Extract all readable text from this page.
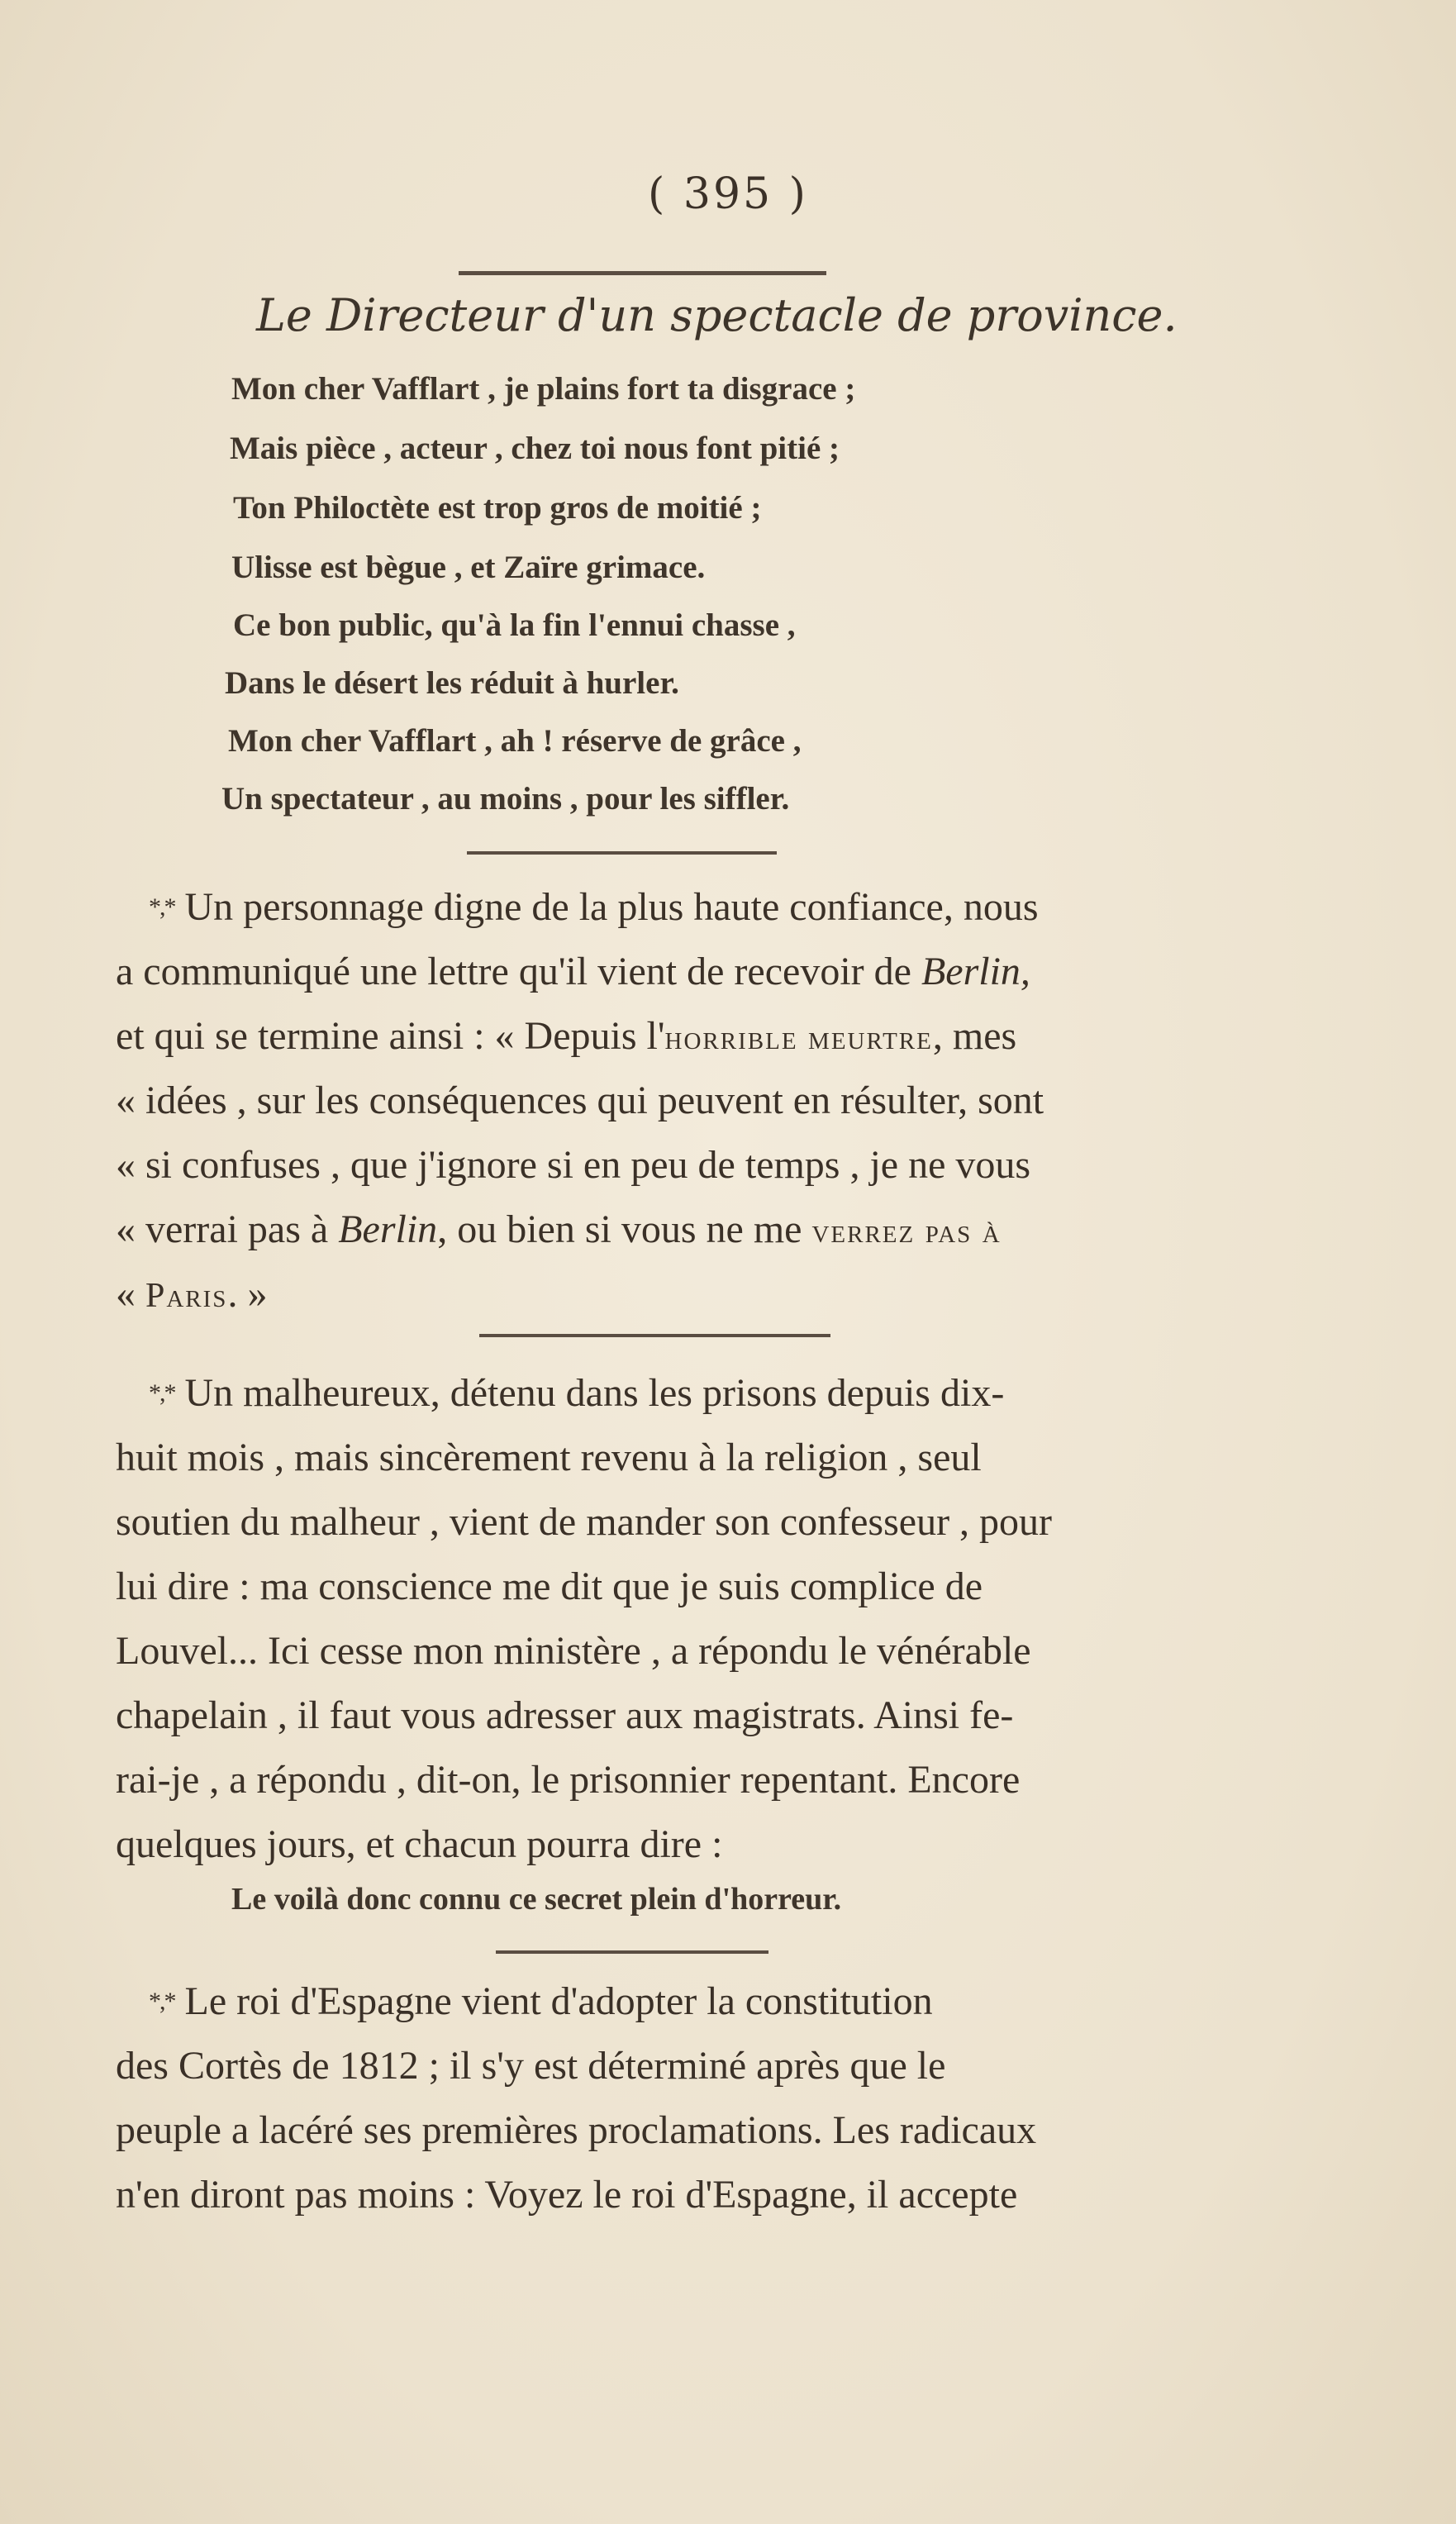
( 395 )
Le Directeur d'un spectacle de province.
Mon cher Vafflart , je plains fort ta disgrace ;
Mais pièce , acteur , chez toi nous font pitié ;
Ton Philoctète est trop gros de moitié ;
Ulisse est bègue , et Zaïre grimace.
Ce bon public, qu'à la fin l'ennui chasse ,
Dans le désert les réduit à hurler.
Mon cher Vafflart , ah ! réserve de grâce ,
Un spectateur , au moins , pour les siffler.
*,* Un personnage digne de la plus haute confiance, nous
a communiqué une lettre qu'il vient de recevoir de Berlin,
et qui se termine ainsi : « Depuis l'horrible meurtre, mes
« idées , sur les conséquences qui peuvent en résulter, sont
« si confuses , que j'ignore si en peu de temps , je ne vous
« verrai pas à Berlin, ou bien si vous ne me verrez pas à
« Paris. »
*,* Un malheureux, détenu dans les prisons depuis dix-
huit mois , mais sincèrement revenu à la religion , seul
soutien du malheur , vient de mander son confesseur , pour
lui dire : ma conscience me dit que je suis complice de
Louvel... Ici cesse mon ministère , a répondu le vénérable
chapelain , il faut vous adresser aux magistrats. Ainsi fe-
rai-je , a répondu , dit-on, le prisonnier repentant. Encore
quelques jours, et chacun pourra dire :
Le voilà donc connu ce secret plein d'horreur.
*,* Le roi d'Espagne vient d'adopter la constitution
des Cortès de 1812 ; il s'y est déterminé après que le
peuple a lacéré ses premières proclamations. Les radicaux
n'en diront pas moins : Voyez le roi d'Espagne, il accepte
